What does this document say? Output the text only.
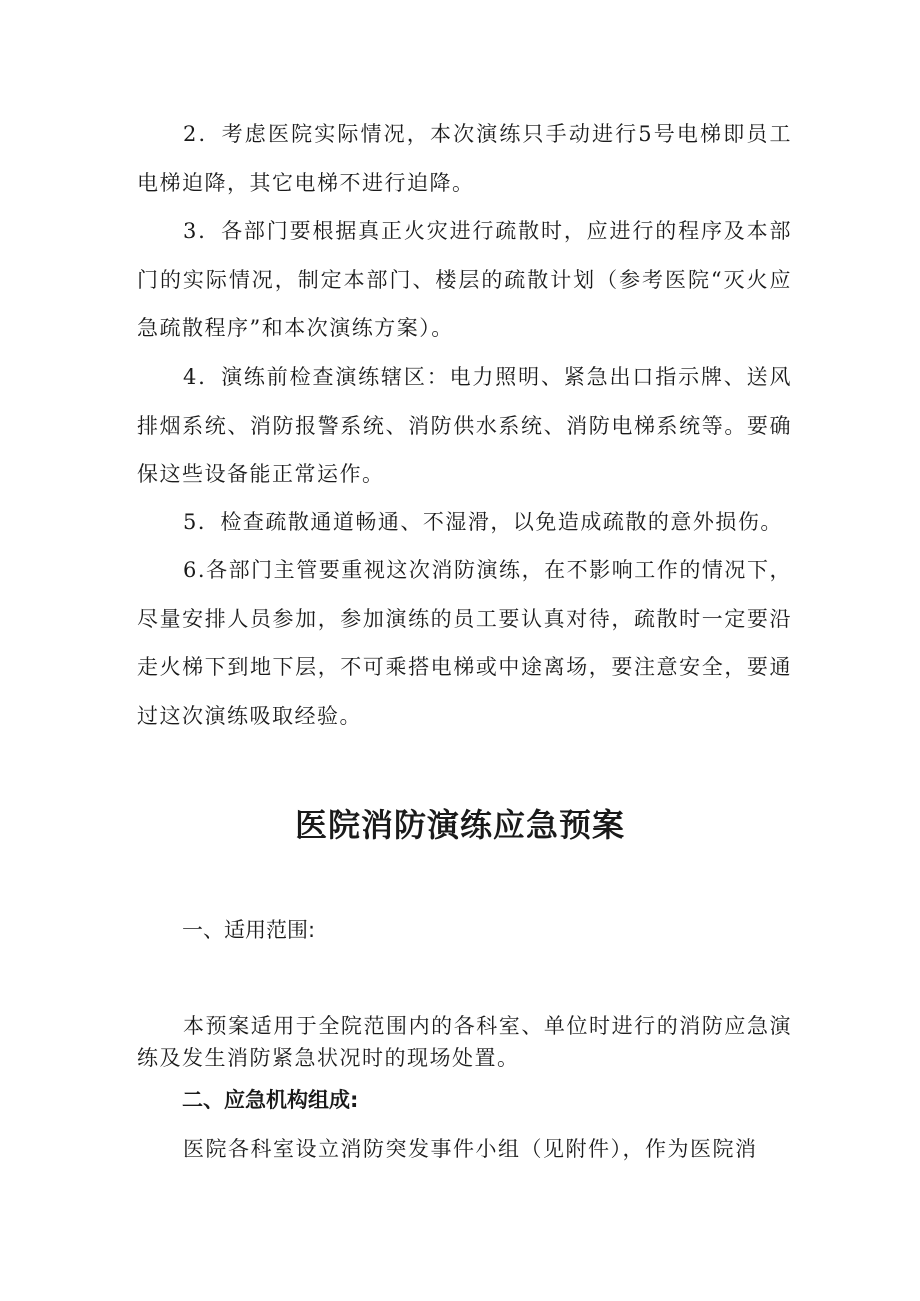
2．考虑医院实际情况，本次演练只手动进行5号电梯即员工电梯迫降，其它电梯不进行迫降。

3．各部门要根据真正火灾进行疏散时，应进行的程序及本部门的实际情况，制定本部门、楼层的疏散计划（参考医院“灭火应急疏散程序”和本次演练方案）。

4．演练前检查演练辖区：电力照明、紧急出口指示牌、送风排烟系统、消防报警系统、消防供水系统、消防电梯系统等。要确保这些设备能正常运作。

5．检查疏散通道畅通、不湿滑，以免造成疏散的意外损伤。

6.各部门主管要重视这次消防演练，在不影响工作的情况下，尽量安排人员参加，参加演练的员工要认真对待，疏散时一定要沿走火梯下到地下层，不可乘搭电梯或中途离场，要注意安全，要通过这次演练吸取经验。

医院消防演练应急预案
一、适用范围:

本预案适用于全院范围内的各科室、单位时进行的消防应急演练及发生消防紧急状况时的现场处置。

二、应急机构组成:

医院各科室设立消防突发事件小组（见附件），作为医院消
